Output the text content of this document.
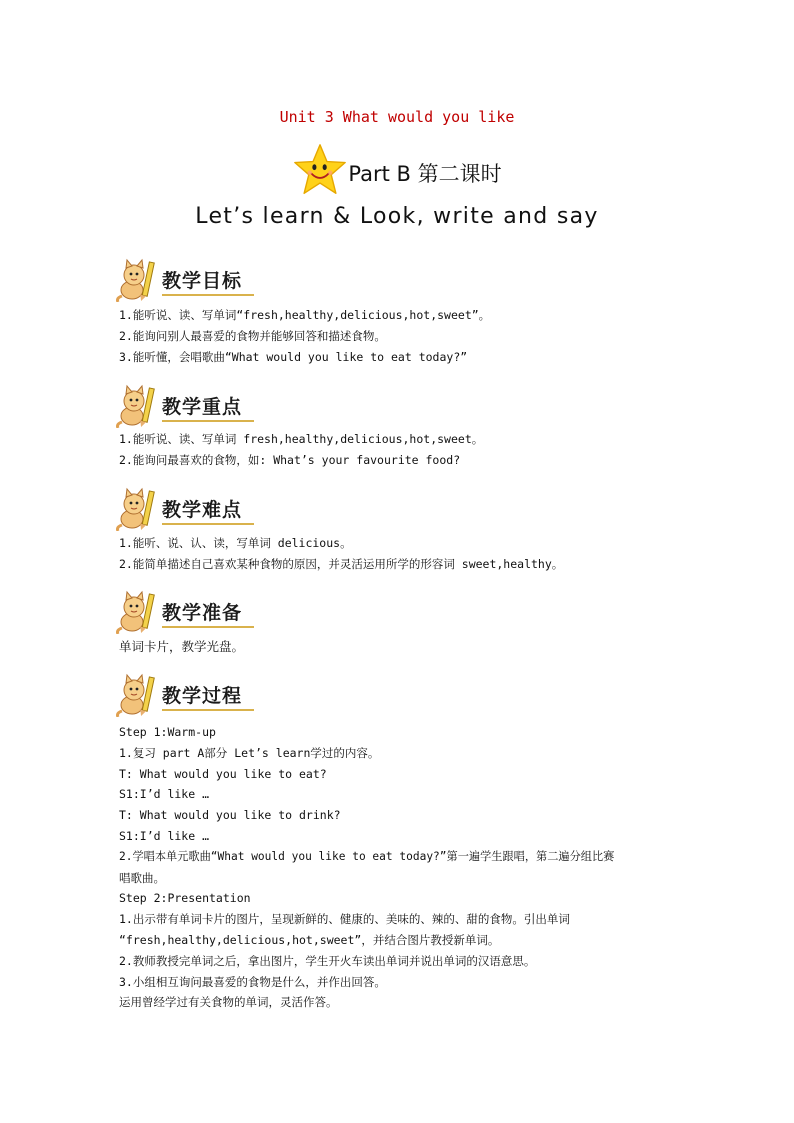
Unit 3 What would you like
Part B 第二课时
Let’s learn & Look, write and say
教学目标
1.能听说、读、写单词“fresh,healthy,delicious,hot,sweet”。
2.能询问别人最喜爱的食物并能够回答和描述食物。
3.能听懂，会唱歌曲“What would you like to eat today?”
教学重点
1.能听说、读、写单词 fresh,healthy,delicious,hot,sweet。
2.能询问最喜欢的食物，如: What’s your favourite food?
教学难点
1.能听、说、认、读，写单词 delicious。
2.能简单描述自己喜欢某种食物的原因，并灵活运用所学的形容词 sweet,healthy。
教学准备
单词卡片，教学光盘。
教学过程
Step 1:Warm-up
1.复习 part A部分 Let’s learn学过的内容。
T: What would you like to eat?
S1:I’d like …
T: What would you like to drink?
S1:I’d like …
2.学唱本单元歌曲“What would you like to eat today?”第一遍学生跟唱，第二遍分组比赛
唱歌曲。
Step 2:Presentation
1.出示带有单词卡片的图片，呈现新鲜的、健康的、美味的、辣的、甜的食物。引出单词
“fresh,healthy,delicious,hot,sweet”，并结合图片教授新单词。
2.教师教授完单词之后，拿出图片，学生开火车读出单词并说出单词的汉语意思。
3.小组相互询问最喜爱的食物是什么，并作出回答。
运用曾经学过有关食物的单词，灵活作答。
